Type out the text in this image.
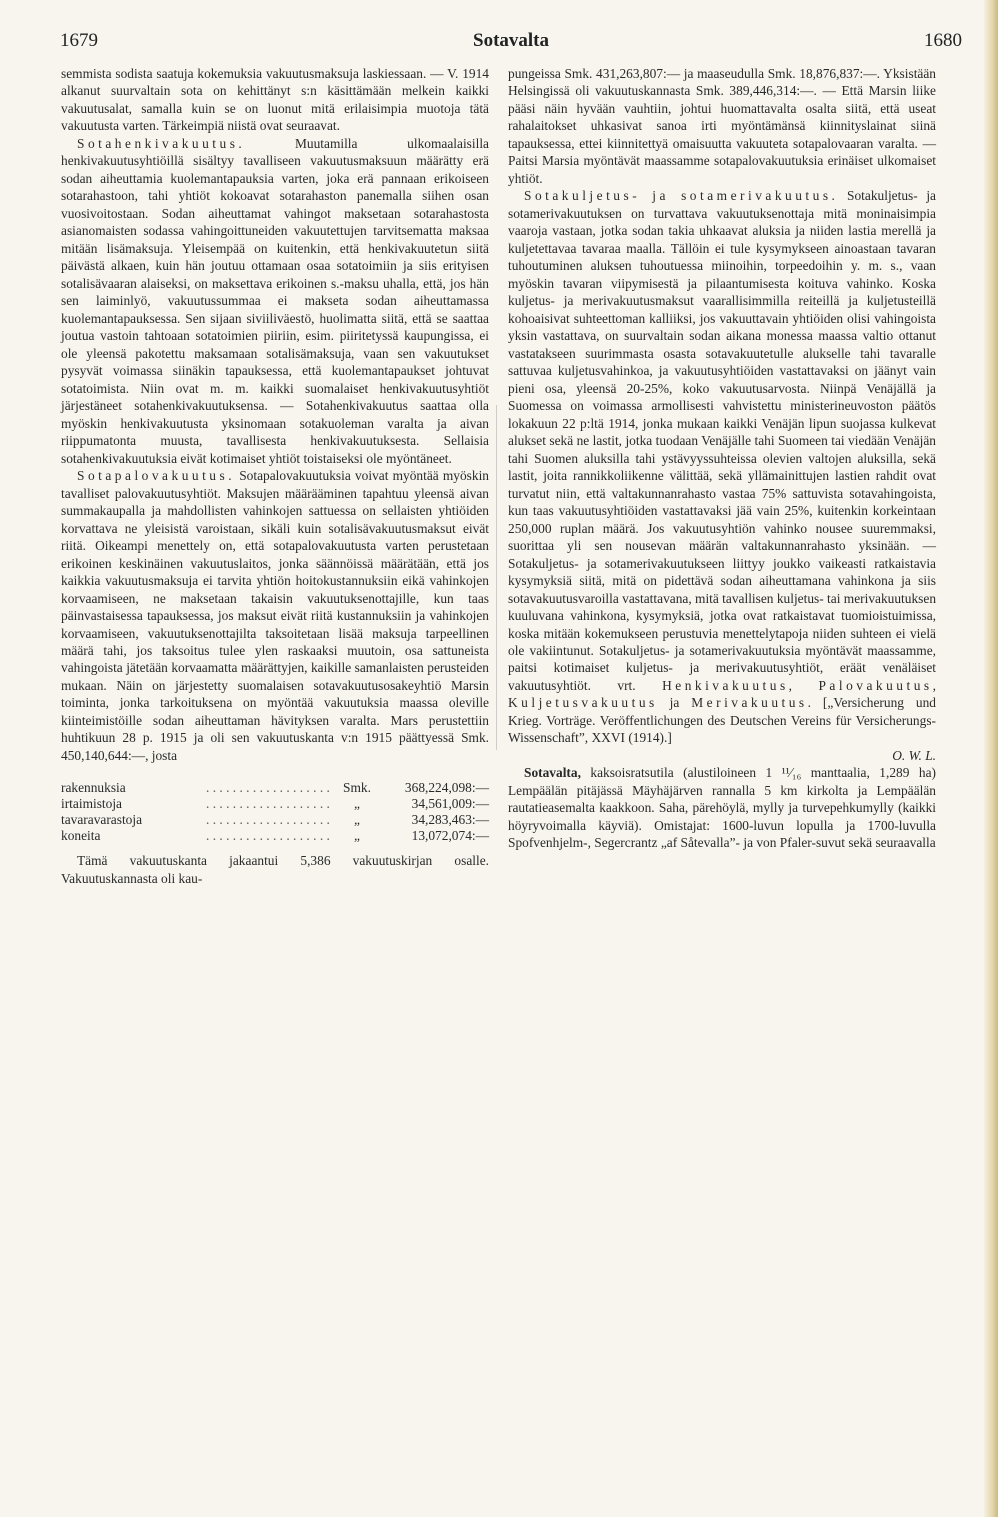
1679	Sotavalta	1680

semmista sodista saatuja kokemuksia vakuutusmaksuja laskiessaan. — V. 1914 alkanut suurvaltain sota on kehittänyt s:n käsittämään melkein kaikki vakuutusalat, samalla kuin se on luonut mitä erilaisimpia muotoja tätä vakuutusta varten. Tärkeimpiä niistä ovat seuraavat.

Sotahenkivakuutus. Muutamilla ulkomaalaisilla henkivakuutusyhtiöillä sisältyy tavalliseen vakuutusmaksuun määrätty erä sodan aiheuttamia kuolemantapauksia varten, joka erä pannaan erikoiseen sotarahastoon, tahi yhtiöt kokoavat sotarahaston panemalla siihen osan vuosivoitostaan. Sodan aiheuttamat vahingot maksetaan sotarahastosta asianomaisten sodassa vahingoittuneiden vakuutettujen tarvitsematta maksaa mitään lisämaksuja. Yleisempää on kuitenkin, että henkivakuutetun siitä päivästä alkaen, kuin hän joutuu ottamaan osaa sotatoimiin ja siis erityisen sotalisävaaran alaiseksi, on maksettava erikoinen s.-maksu uhalla, että, jos hän sen laiminlyö, vakuutussummaa ei makseta sodan aiheuttamassa kuolemantapauksessa. Sen sijaan siviiliväestö, huolimatta siitä, että se saattaa joutua vastoin tahtoaan sotatoimien piiriin, esim. piiritetyssä kaupungissa, ei ole yleensä pakotettu maksamaan sotalisämaksuja, vaan sen vakuutukset pysyvät voimassa siinäkin tapauksessa, että kuolemantapaukset johtuvat sotatoimista. Niin ovat m. m. kaikki suomalaiset henkivakuutusyhtiöt järjestäneet sotahenkivakuutuksensa. — Sotahenkivakuutus saattaa olla myöskin henkivakuutusta yksinomaan sotakuoleman varalta ja aivan riippumatonta muusta, tavallisesta henkivakuutuksesta. Sellaisia sotahenkivakuutuksia eivät kotimaiset yhtiöt toistaiseksi ole myöntäneet.

Sotapalovakuutus. Sotapalovakuutuksia voivat myöntää myöskin tavalliset palovakuutusyhtiöt. Maksujen määrääminen tapahtuu yleensä aivan summakaupalla ja mahdollisten vahinkojen sattuessa on sellaisten yhtiöiden korvattava ne yleisistä varoistaan, sikäli kuin sotalisävakuutusmaksut eivät riitä. Oikeampi menettely on, että sotapalovakuutusta varten perustetaan erikoinen keskinäinen vakuutuslaitos, jonka säännöissä määrätään, että jos kaikkia vakuutusmaksuja ei tarvita yhtiön hoitokustannuksiin eikä vahinkojen korvaamiseen, ne maksetaan takaisin vakuutuksenottajille, kun taas päinvastaisessa tapauksessa, jos maksut eivät riitä kustannuksiin ja vahinkojen korvaamiseen, vakuutuksenottajilta taksoitetaan lisää maksuja tarpeellinen määrä tahi, jos taksoitus tulee ylen raskaaksi muutoin, osa sattuneista vahingoista jätetään korvaamatta määrättyjen, kaikille samanlaisten perusteiden mukaan. Näin on järjestetty suomalaisen sotavakuutusosakeyhtiö Marsin toiminta, jonka tarkoituksena on myöntää vakuutuksia maassa oleville kiinteimistöille sodan aiheuttaman hävityksen varalta. Mars perustettiin huhtikuun 28 p. 1915 ja oli sen vakuutuskanta v:n 1915 päättyessä Smk. 450,140,644:—, josta

rakennuksia	. . . . . . . . . . . . . . . . . . .	Smk.	368,224,098:—
irtaimistoja	. . . . . . . . . . . . . . . . . . .	„	34,561,009:—
tavaravarastoja	. . . . . . . . . . . . . . . . . . .	„	34,283,463:—
koneita	. . . . . . . . . . . . . . . . . . .	„	13,072,074:—

Tämä vakuutuskanta jakaantui 5,386 vakuutuskirjan osalle. Vakuutuskannasta oli kau-

pungeissa Smk. 431,263,807:— ja maaseudulla Smk. 18,876,837:—. Yksistään Helsingissä oli vakuutuskannasta Smk. 389,446,314:—. — Että Marsin liike pääsi näin hyvään vauhtiin, johtui huomattavalta osalta siitä, että useat rahalaitokset uhkasivat sanoa irti myöntämänsä kiinnityslainat siinä tapauksessa, ettei kiinnitettyä omaisuutta vakuuteta sotapalovaaran varalta. — Paitsi Marsia myöntävät maassamme sotapalovakuutuksia erinäiset ulkomaiset yhtiöt.

Sotakuljetus- ja sotamerivakuutus. Sotakuljetus- ja sotamerivakuutuksen on turvattava vakuutuksenottaja mitä moninaisimpia vaaroja vastaan, jotka sodan takia uhkaavat aluksia ja niiden lastia merellä ja kuljetettavaa tavaraa maalla. Tällöin ei tule kysymykseen ainoastaan tavaran tuhoutuminen aluksen tuhoutuessa miinoihin, torpeedoihin y. m. s., vaan myöskin tavaran viipymisestä ja pilaantumisesta koituva vahinko. Koska kuljetus- ja merivakuutusmaksut vaarallisimmilla reiteillä ja kuljetusteillä kohoaisivat suhteettoman kalliiksi, jos vakuuttavain yhtiöiden olisi vahingoista yksin vastattava, on suurvaltain sodan aikana monessa maassa valtio ottanut vastatakseen suurimmasta osasta sotavakuutetulle alukselle tahi tavaralle sattuvaa kuljetusvahinkoa, ja vakuutusyhtiöiden vastattavaksi on jäänyt vain pieni osa, yleensä 20-25%, koko vakuutusarvosta. Niinpä Venäjällä ja Suomessa on voimassa armollisesti vahvistettu ministerineuvoston päätös lokakuun 22 p:ltä 1914, jonka mukaan kaikki Venäjän lipun suojassa kulkevat alukset sekä ne lastit, jotka tuodaan Venäjälle tahi Suomeen tai viedään Venäjän tahi Suomen aluksilla tahi ystävyyssuhteissa olevien valtojen aluksilla, sekä lastit, joita rannikkoliikenne välittää, sekä yllämainittujen lastien rahdit ovat turvatut niin, että valtakunnanrahasto vastaa 75% sattuvista sotavahingoista, kun taas vakuutusyhtiöiden vastattavaksi jää vain 25%, kuitenkin korkeintaan 250,000 ruplan määrä. Jos vakuutusyhtiön vahinko nousee suuremmaksi, suorittaa yli sen nousevan määrän valtakunnanrahasto yksinään. — Sotakuljetus- ja sotamerivakuutukseen liittyy joukko vaikeasti ratkaistavia kysymyksiä siitä, mitä on pidettävä sodan aiheuttamana vahinkona ja siis sotavakuutusvaroilla vastattavana, mitä tavallisen kuljetus- tai merivakuutuksen kuuluvana vahinkona, kysymyksiä, jotka ovat ratkaistavat tuomioistuimissa, koska mitään kokemukseen perustuvia menettelytapoja niiden suhteen ei vielä ole vakiintunut. Sotakuljetus- ja sotamerivakuutuksia myöntävät maassamme, paitsi kotimaiset kuljetus- ja merivakuutusyhtiöt, eräät venäläiset vakuutusyhtiöt. vrt. Henkivakuutus, Palovakuutus, Kuljetusvakuutus ja Merivakuutus. [„Versicherung und Krieg. Vorträge. Veröffentlichungen des Deutschen Vereins für Versicherungs-Wissenschaft”, XXVI (1914).]

O. W. L.

Sotavalta, kaksoisratsutila (alustiloineen 1 ¹¹⁄₁₆ manttaalia, 1,289 ha) Lempäälän pitäjässä Mäyhäjärven rannalla 5 km kirkolta ja Lempäälän rautatieasemalta kaakkoon. Saha, pärehöylä, mylly ja turvepehkumylly (kaikki höyryvoimalla käyviä). Omistajat: 1600-luvun lopulla ja 1700-luvulla Spofvenhjelm-, Segercrantz „af Såtevalla”- ja von Pfaler-suvut sekä seuraavalla
